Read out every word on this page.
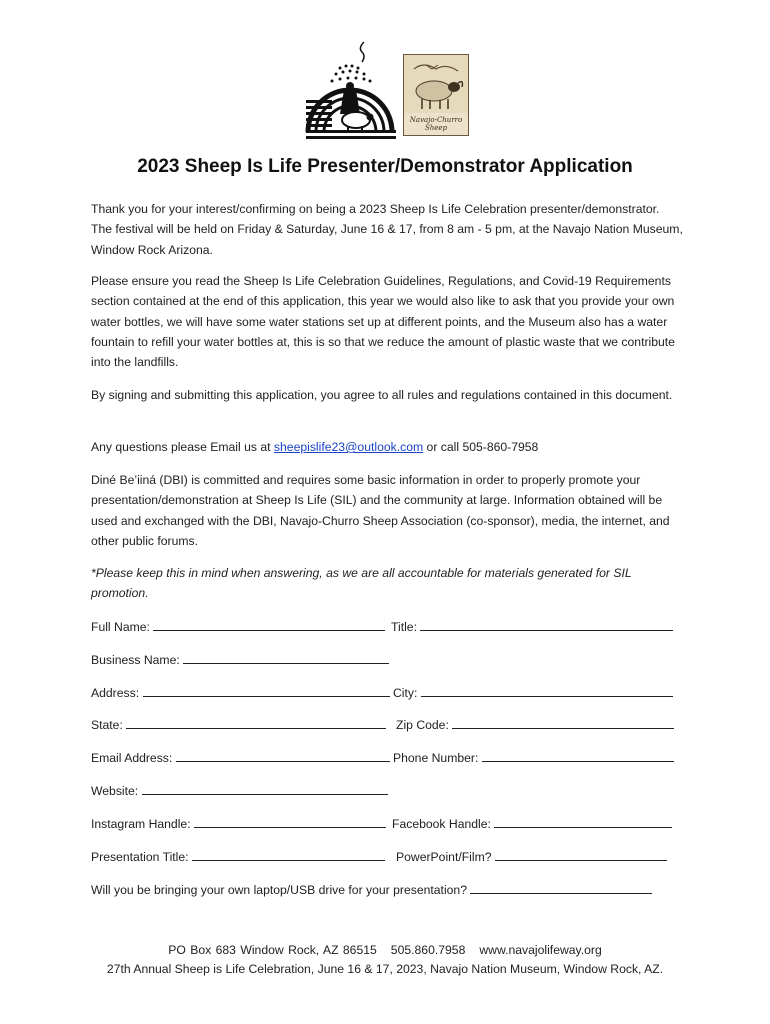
Navajo-Churro
Sheep
2023 Sheep Is Life Presenter/Demonstrator Application
Thank you for your interest/confirming on being a 2023 Sheep Is Life Celebration presenter/demonstrator. The festival will be held on Friday & Saturday, June 16 & 17, from 8 am - 5 pm, at the Navajo Nation Museum, Window Rock Arizona.
Please ensure you read the Sheep Is Life Celebration Guidelines, Regulations, and Covid-19 Requirements section contained at the end of this application, this year we would also like to ask that you provide your own water bottles, we will have some water stations set up at different points, and the Museum also has a water fountain to refill your water bottles at, this is so that we reduce the amount of plastic waste that we contribute into the landfills.
By signing and submitting this application, you agree to all rules and regulations contained in this document.
Any questions please Email us at sheepislife23@outlook.com or call 505-860-7958
Diné Be’iiná (DBI) is committed and requires some basic information in order to properly promote your presentation/demonstration at Sheep Is Life (SIL) and the community at large. Information obtained will be used and exchanged with the DBI, Navajo-Churro Sheep Association (co-sponsor), media, the internet, and other public forums.
*Please keep this in mind when answering, as we are all accountable for materials generated for SIL promotion.
Full Name:	Title:
Business Name:
Address:	City:
State:	Zip Code:
Email Address:	Phone Number:
Website:
Instagram Handle:	Facebook Handle:
Presentation Title:	PowerPoint/Film?
Will you be bringing your own laptop/USB drive for your presentation?
PO Box 683 Window Rock, AZ 86515 505.860.7958 www.navajolifeway.org
27th Annual Sheep is Life Celebration, June 16 & 17, 2023, Navajo Nation Museum, Window Rock, AZ.
